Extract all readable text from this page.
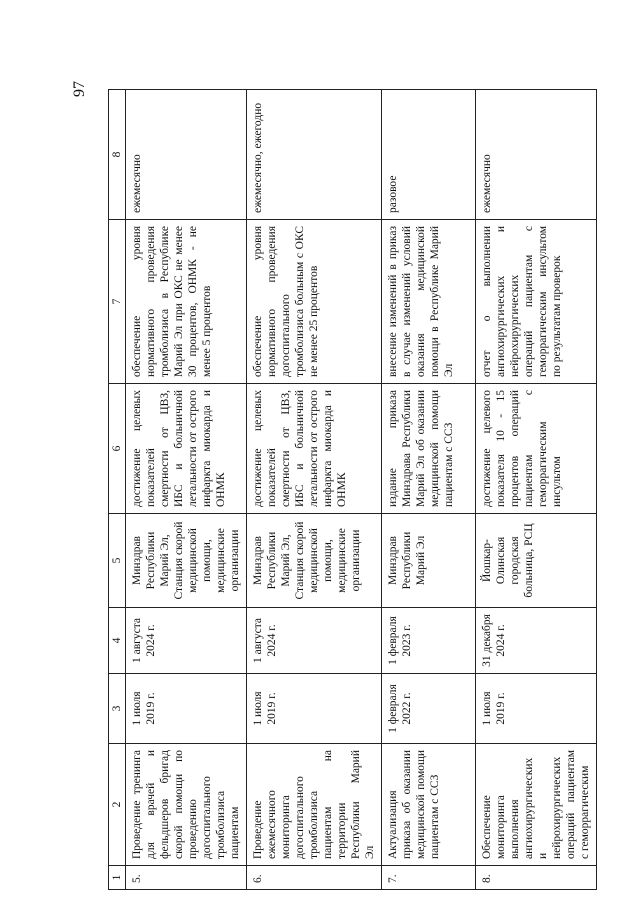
97
1	2	3	4	5	6	7	8
5.	Проведение тренинга для врачей и фельдшеров бригад скорой помощи по проведению догоспитального тромболизиса пациентам	1 июля 2019 г.	1 августа 2024 г.	Минздрав Республики Марий Эл, Станция скорой медицинской помощи, медицинские организации	достижение целевых показателей смертности от ЦВЗ, ИБС и больничной летальности от острого инфаркта миокарда и ОНМК	обеспечение уровня нормативного проведения тромболизиса в Республике Марий Эл при ОКС не менее 30 процентов, ОНМК - не менее 5 процентов	ежемесячно
6.	Проведение ежемесячного мониторинга догоспитального тромболизиса пациентам на территории Республики Марий Эл	1 июля 2019 г.	1 августа 2024 г.	Минздрав Республики Марий Эл, Станция скорой медицинской помощи, медицинские организации	достижение целевых показателей смертности от ЦВЗ, ИБС и больничной летальности от острого инфаркта миокарда и ОНМК	обеспечение уровня нормативного проведения догоспитального тромболизиса больным с ОКС не менее 25 процентов	ежемесячно, ежегодно
7.	Актуализация приказа об оказании медицинской помощи пациентам с ССЗ	1 февраля 2022 г.	1 февраля 2023 г.	Минздрав Республики Марий Эл	издание приказа Минздрава Республики Марий Эл об оказании медицинской помощи пациентам с ССЗ	внесение изменений в приказ в случае изменений условий оказания медицинской помощи в Республике Марий Эл	разовое
8.	Обеспечение мониторинга выполнения ангиохирургических и нейрохирургических операций пациентам с геморрагическим	1 июля 2019 г.	31 декабря 2024 г.	Йошкар-Олинская городская больница, РСЦ	достижение целевого показателя 10 - 15 процентов операций пациентам с геморрагическим инсультом	отчет о выполнении ангиохирургических и нейрохирургических операций пациентам с геморрагическим инсультом по результатам проверок	ежемесячно
